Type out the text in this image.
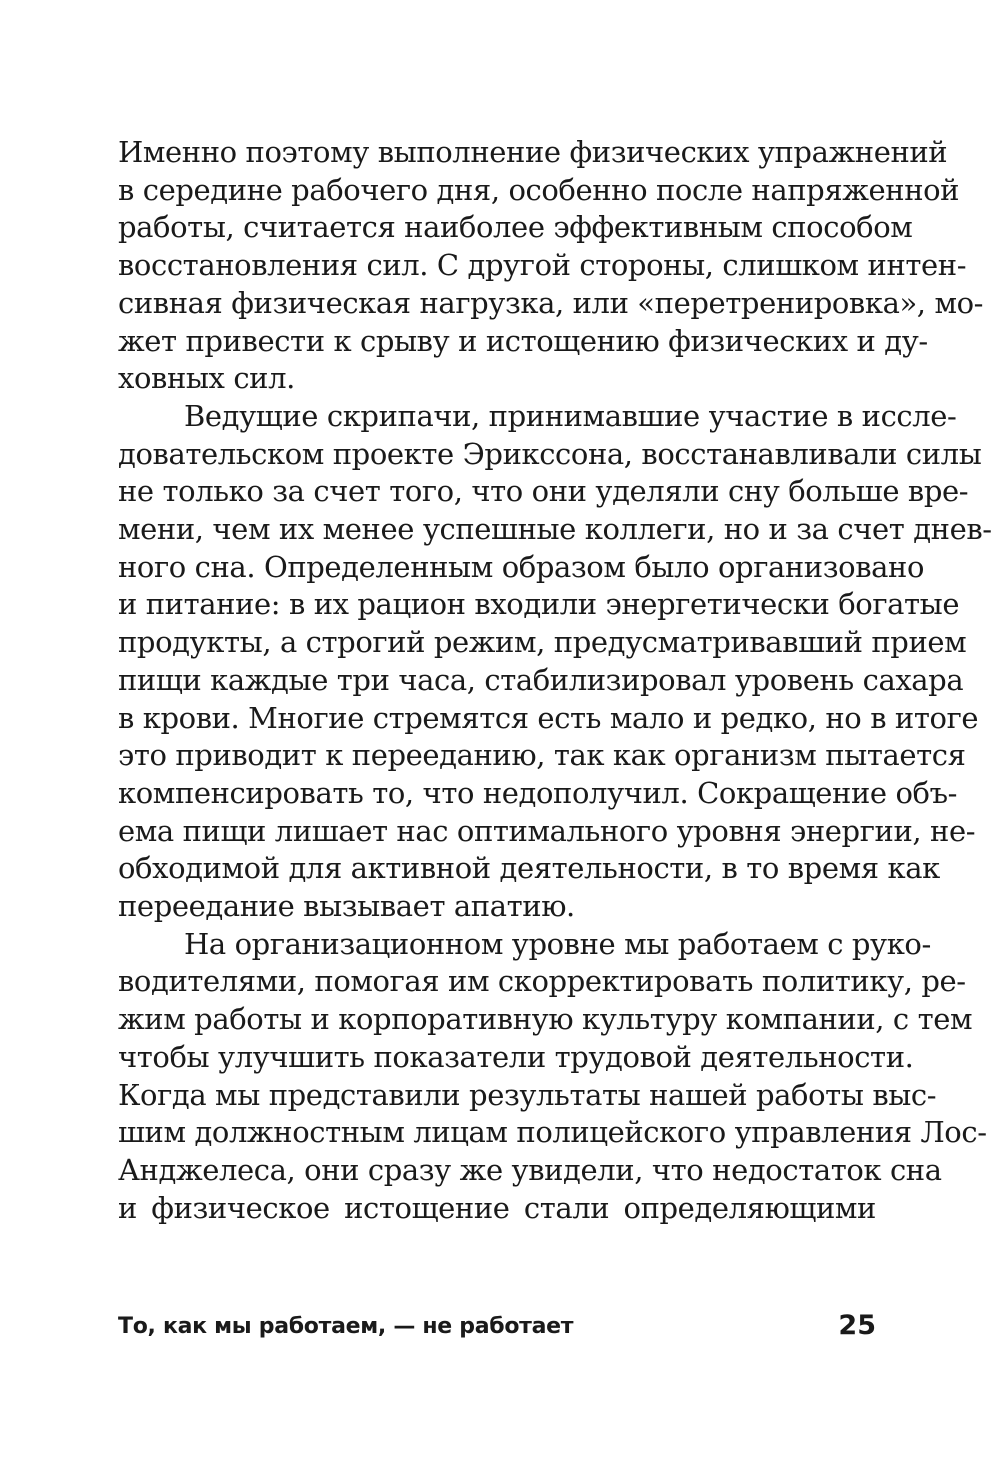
Именно поэтому выполнение физических упражнений
в середине рабочего дня, особенно после напряженной
работы, считается наиболее эффективным способом
восстановления сил. С другой стороны, слишком интен-
сивная физическая нагрузка, или «перетренировка», мо-
жет привести к срыву и истощению физических и ду-
ховных сил.

Ведущие скрипачи, принимавшие участие в иссле-
довательском проекте Эрикссона, восстанавливали силы
не только за счет того, что они уделяли сну больше вре-
мени, чем их менее успешные коллеги, но и за счет днев-
ного сна. Определенным образом было организовано
и питание: в их рацион входили энергетически богатые
продукты, а строгий режим, предусматривавший прием
пищи каждые три часа, стабилизировал уровень сахара
в крови. Многие стремятся есть мало и редко, но в итоге
это приводит к перееданию, так как организм пытается
компенсировать то, что недополучил. Сокращение объ-
ема пищи лишает нас оптимального уровня энергии, не-
обходимой для активной деятельности, в то время как
переедание вызывает апатию.

На организационном уровне мы работаем с руко-
водителями, помогая им скорректировать политику, ре-
жим работы и корпоративную культуру компании, с тем
чтобы улучшить показатели трудовой деятельности.
Когда мы представили результаты нашей работы выс-
шим должностным лицам полицейского управления Лос-
Анджелеса, они сразу же увидели, что недостаток сна
и физическое истощение стали определяющими

То, как мы работаем, — не работает	25
